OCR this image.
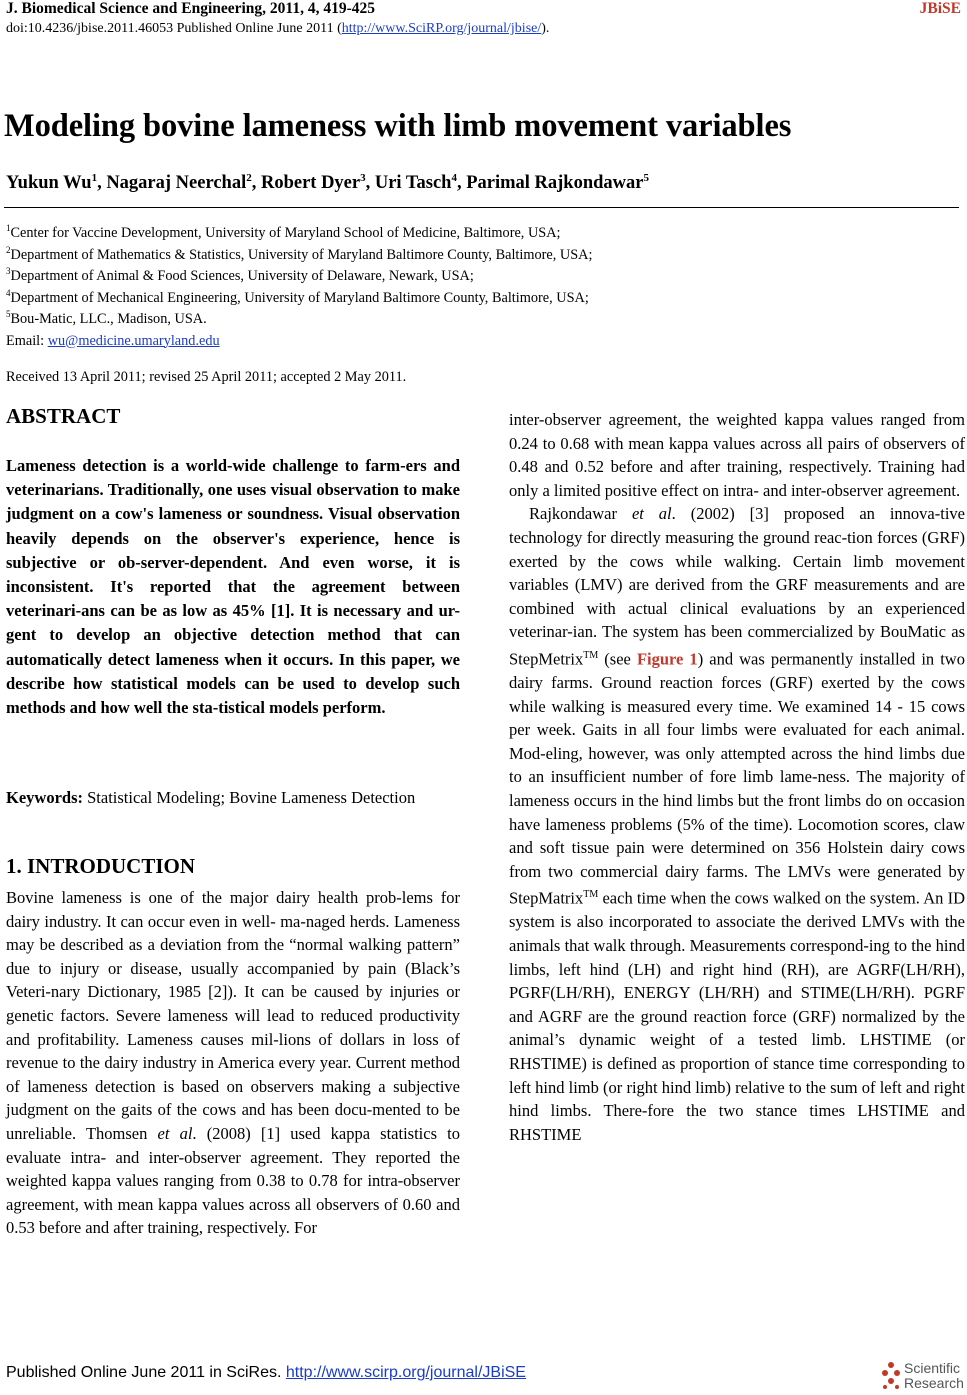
J. Biomedical Science and Engineering, 2011, 4, 419-425	JBiSE
doi:10.4236/jbise.2011.46053 Published Online June 2011 (http://www.SciRP.org/journal/jbise/).
Modeling bovine lameness with limb movement variables
Yukun Wu$^1$, Nagaraj Neerchal$^2$, Robert Dyer$^3$, Uri Tasch$^4$, Parimal Rajkondawar$^5$
$^1$Center for Vaccine Development, University of Maryland School of Medicine, Baltimore, USA;
$^2$Department of Mathematics & Statistics, University of Maryland Baltimore County, Baltimore, USA;
$^3$Department of Animal & Food Sciences, University of Delaware, Newark, USA;
$^4$Department of Mechanical Engineering, University of Maryland Baltimore County, Baltimore, USA;
$^5$Bou-Matic, LLC., Madison, USA.
Email: wu@medicine.umaryland.edu
Received 13 April 2011; revised 25 April 2011; accepted 2 May 2011.
ABSTRACT
Lameness detection is a world-wide challenge to farm-ers and veterinarians. Traditionally, one uses visual observation to make judgment on a cow's lameness or soundness. Visual observation heavily depends on the observer's experience, hence is subjective or ob-server-dependent. And even worse, it is inconsistent. It's reported that the agreement between veterinari-ans can be as low as 45% [1]. It is necessary and ur-gent to develop an objective detection method that can automatically detect lameness when it occurs. In this paper, we describe how statistical models can be used to develop such methods and how well the sta-tistical models perform.
Keywords: Statistical Modeling; Bovine Lameness Detection
1. INTRODUCTION
Bovine lameness is one of the major dairy health prob-lems for dairy industry. It can occur even in well- ma-naged herds. Lameness may be described as a deviation from the “normal walking pattern” due to injury or disease, usually accompanied by pain (Black’s Veteri-nary Dictionary, 1985 [2]). It can be caused by injuries or genetic factors. Severe lameness will lead to reduced productivity and profitability. Lameness causes mil-lions of dollars in loss of revenue to the dairy industry in America every year. Current method of lameness detection is based on observers making a subjective judgment on the gaits of the cows and has been docu-mented to be unreliable. Thomsen et al. (2008) [1] used kappa statistics to evaluate intra- and inter-observer agreement. They reported the weighted kappa values ranging from 0.38 to 0.78 for intra-observer agreement, with mean kappa values across all observers of 0.60 and 0.53 before and after training, respectively. For
inter-observer agreement, the weighted kappa values ranged from 0.24 to 0.68 with mean kappa values across all pairs of observers of 0.48 and 0.52 before and after training, respectively. Training had only a limited positive effect on intra- and inter-observer agreement.
Rajkondawar et al. (2002) [3] proposed an innova-tive technology for directly measuring the ground reac-tion forces (GRF) exerted by the cows while walking. Certain limb movement variables (LMV) are derived from the GRF measurements and are combined with actual clinical evaluations by an experienced veterinar-ian. The system has been commercialized by BouMatic as StepMetrix™ (see Figure 1) and was permanently installed in two dairy farms. Ground reaction forces (GRF) exerted by the cows while walking is measured every time. We examined 14 - 15 cows per week. Gaits in all four limbs were evaluated for each animal. Mod-eling, however, was only attempted across the hind limbs due to an insufficient number of fore limb lame-ness. The majority of lameness occurs in the hind limbs but the front limbs do on occasion have lameness problems (5% of the time). Locomotion scores, claw and soft tissue pain were determined on 356 Holstein dairy cows from two commercial dairy farms. The LMVs were generated by StepMatrix™ each time when the cows walked on the system. An ID system is also incorporated to associate the derived LMVs with the animals that walk through. Measurements correspond-ing to the hind limbs, left hind (LH) and right hind (RH), are AGRF(LH/RH), PGRF(LH/RH), ENERGY (LH/RH) and STIME(LH/RH). PGRF and AGRF are the ground reaction force (GRF) normalized by the animal’s dynamic weight of a tested limb. LHSTIME (or RHSTIME) is defined as proportion of stance time corresponding to left hind limb (or right hind limb) relative to the sum of left and right hind limbs. There-fore the two stance times LHSTIME and RHSTIME
Published Online June 2011 in SciRes. http://www.scirp.org/journal/JBiSE	Scientific
Research
